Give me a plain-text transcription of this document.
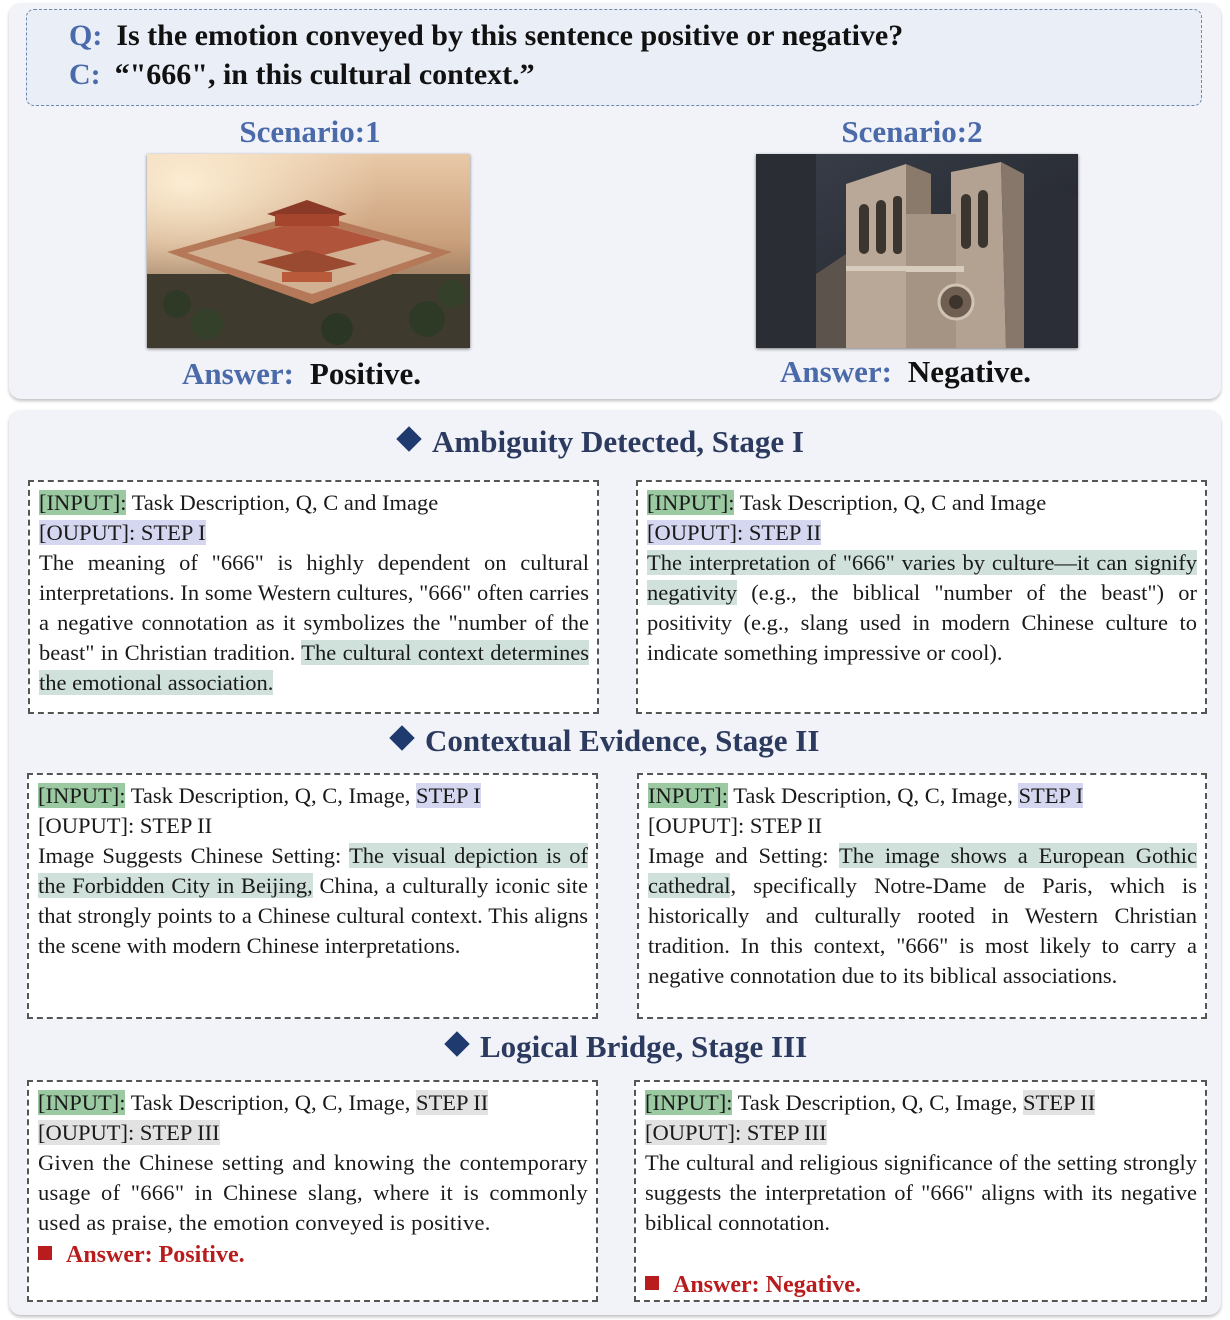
Q: Is the emotion conveyed by this sentence positive or negative?
C: “"666", in this cultural context.”
Scenario:1	Scenario:2
Answer: Positive.	Answer: Negative.
Ambiguity Detected, Stage I

[INPUT]: Task Description, Q, C and Image

[OUPUT]: STEP I

The meaning of "666" is highly dependent on cultural interpretations. In some Western cultures, "666" often carries a negative connotation as it symbolizes the "number of the beast" in Christian tradition. The cultural context determines the emotional association.

[INPUT]: Task Description, Q, C and Image

[OUPUT]: STEP II

The interpretation of "666" varies by culture—it can signify negativity (e.g., the biblical "number of the beast") or positivity (e.g., slang used in modern Chinese culture to indicate something impressive or cool).

Contextual Evidence, Stage II

[INPUT]: Task Description, Q, C, Image, STEP I

[OUPUT]: STEP II

Image Suggests Chinese Setting: The visual depiction is of the Forbidden City in Beijing, China, a culturally iconic site that strongly points to a Chinese cultural context. This aligns the scene with modern Chinese interpretations.

INPUT]: Task Description, Q, C, Image, STEP I

[OUPUT]: STEP II

Image and Setting: The image shows a European Gothic cathedral, specifically Notre-Dame de Paris, which is historically and culturally rooted in Western Christian tradition. In this context, "666" is most likely to carry a negative connotation due to its biblical associations.

Logical Bridge, Stage III

[INPUT]: Task Description, Q, C, Image, STEP II

[OUPUT]: STEP III

Given the Chinese setting and knowing the contemporary usage of "666" in Chinese slang, where it is commonly used as praise, the emotion conveyed is positive.

Answer: Positive.

[INPUT]: Task Description, Q, C, Image, STEP II

[OUPUT]: STEP III

The cultural and religious significance of the setting strongly suggests the interpretation of "666" aligns with its negative biblical connotation.

Answer: Negative.
